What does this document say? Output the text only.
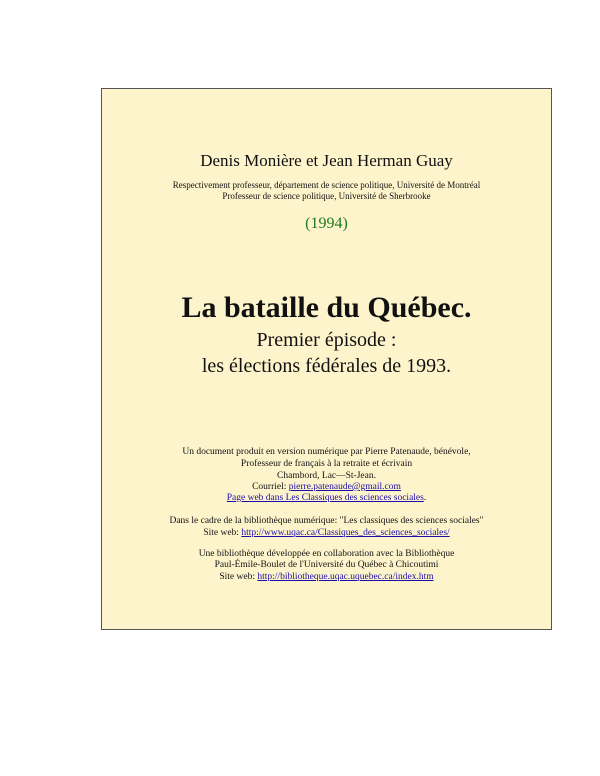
Denis Monière et Jean Herman Guay
Respectivement professeur, département de science politique, Université de Montréal
Professeur de science politique, Université de Sherbrooke
(1994)
La bataille du Québec.
Premier épisode :
les élections fédérales de 1993.
Un document produit en version numérique par Pierre Patenaude, bénévole,
Professeur de français à la retraite et écrivain
Chambord, Lac—St-Jean.
Courriel: pierre.patenaude@gmail.com
Page web dans Les Classiques des sciences sociales.
Dans le cadre de la bibliothèque numérique: "Les classiques des sciences sociales"
Site web: http://www.uqac.ca/Classiques_des_sciences_sociales/
Une bibliothèque développée en collaboration avec la Bibliothèque
Paul-Émile-Boulet de l'Université du Québec à Chicoutimi
Site web: http://bibliotheque.uqac.uquebec.ca/index.htm
